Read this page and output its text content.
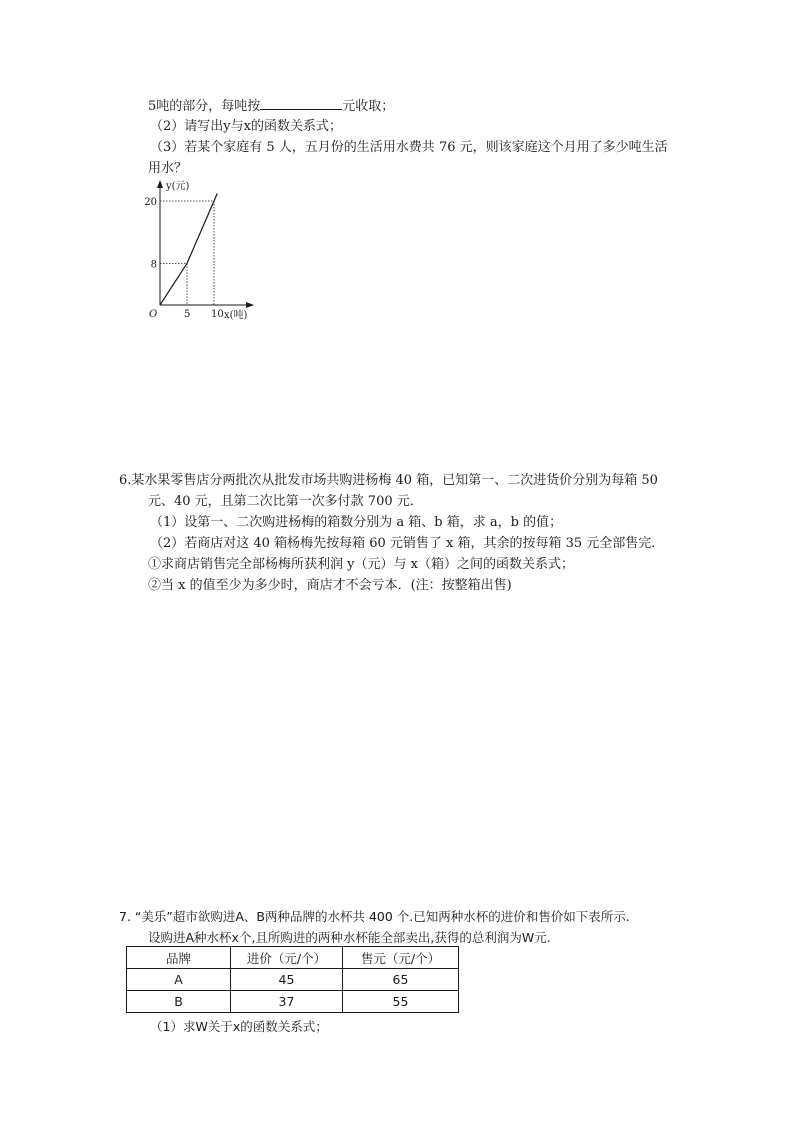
5吨的部分，每吨按	元收取；
（2）请写出y与x的函数关系式；
（3）若某个家庭有 5 人，五月份的生活用水费共 76 元，则该家庭这个月用了多少吨生活
用水？
5 10
8
20
y(元)
x(吨)
O
6.某水果零售店分两批次从批发市场共购进杨梅 40 箱，已知第一、二次进货价分别为每箱 50
元、40 元，且第二次比第一次多付款 700 元．
（1）设第一、二次购进杨梅的箱数分别为 a 箱、b 箱，求 a，b 的值；
（2）若商店对这 40 箱杨梅先按每箱 60 元销售了 x 箱，其余的按每箱 35 元全部售完．
①求商店销售完全部杨梅所获利润 y（元）与 x（箱）之间的函数关系式；
②当 x 的值至少为多少时，商店才不会亏本．(注：按整箱出售)
7. “美乐”超市欲购进A、B两种品牌的水杯共 400 个.已知两种水杯的进价和售价如下表所示.
设购进A种水杯x个,且所购进的两种水杯能全部卖出,获得的总利润为W元.
品牌	进价（元/个）	售元（元/个）
A	45	65
B	37	55
（1）求W关于x的函数关系式；
